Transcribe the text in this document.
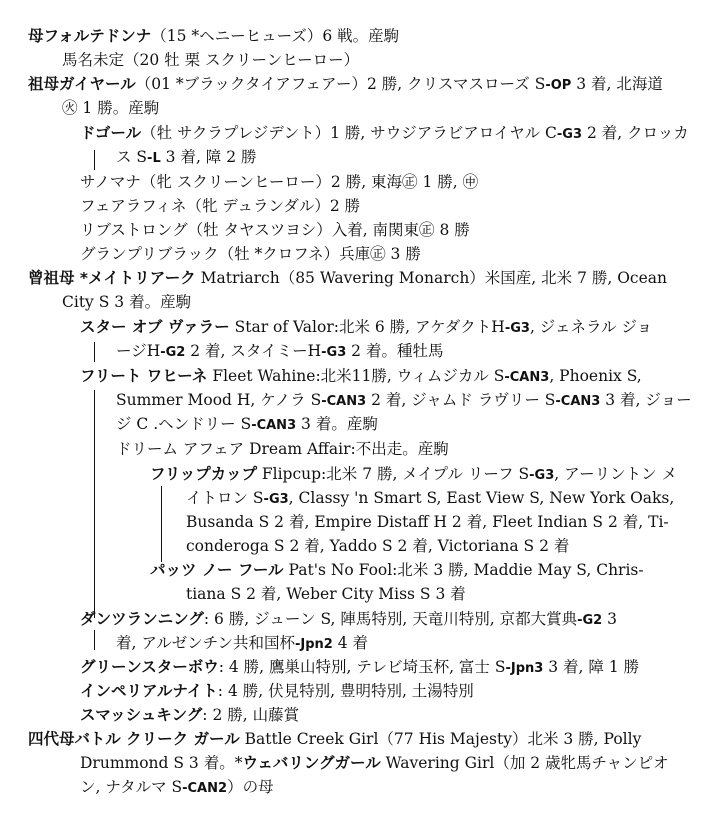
母フォルテドンナ（15 *ヘニーヒューズ）6 戦。産駒
馬名未定（20 牡 栗 スクリーンヒーロー）
祖母ガイヤール（01 *ブラックタイアフェアー）2 勝, クリスマスローズ S-OP 3 着, 北海道
㊋ 1 勝。産駒
ドゴール（牡 サクラプレジデント）1 勝, サウジアラビアロイヤル C-G3 2 着, クロッカ
ス S-L 3 着, 障 2 勝
サノマナ（牝 スクリーンヒーロー）2 勝, 東海㊣ 1 勝, ㊥
フェアラフィネ（牝 デュランダル）2 勝
リブストロング（牡 タヤスツヨシ）入着, 南関東㊣ 8 勝
グランプリブラック（牡 *クロフネ）兵庫㊣ 3 勝
曾祖母 *メイトリアーク Matriarch（85 Wavering Monarch）米国産, 北米 7 勝, Ocean
City S 3 着。産駒
スター オブ ヴァラー Star of Valor:北米 6 勝, アケダクトH-G3, ジェネラル ジョ
ージH-G2 2 着, スタイミーH-G3 2 着。種牡馬
フリート ワヒーネ Fleet Wahine:北米11勝, ウィムジカル S-CAN3, Phoenix S,
Summer Mood H, ケノラ S-CAN3 2 着, ジャムド ラヴリー S-CAN3 3 着, ジョー
ジ C .ヘンドリー S-CAN3 3 着。産駒
ドリーム アフェア Dream Affair:不出走。産駒
フリップカップ Flipcup:北米 7 勝, メイプル リーフ S-G3, アーリントン メ
イトロン S-G3, Classy 'n Smart S, East View S, New York Oaks,
Busanda S 2 着, Empire Distaff H 2 着, Fleet Indian S 2 着, Ti-
conderoga S 2 着, Yaddo S 2 着, Victoriana S 2 着
パッツ ノー フール Pat's No Fool:北米 3 勝, Maddie May S, Chris-
tiana S 2 着, Weber City Miss S 3 着
ダンツランニング: 6 勝, ジューン S, 陣馬特別, 天竜川特別, 京都大賞典-G2 3
着, アルゼンチン共和国杯-Jpn2 4 着
グリーンスターボウ: 4 勝, 鷹巣山特別, テレビ埼玉杯, 富士 S-Jpn3 3 着, 障 1 勝
インペリアルナイト: 4 勝, 伏見特別, 豊明特別, 土湯特別
スマッシュキング: 2 勝, 山藤賞
四代母バトル クリーク ガール Battle Creek Girl（77 His Majesty）北米 3 勝, Polly
Drummond S 3 着。*ウェバリングガール Wavering Girl（加 2 歳牝馬チャンピオ
ン, ナタルマ S-CAN2）の母
